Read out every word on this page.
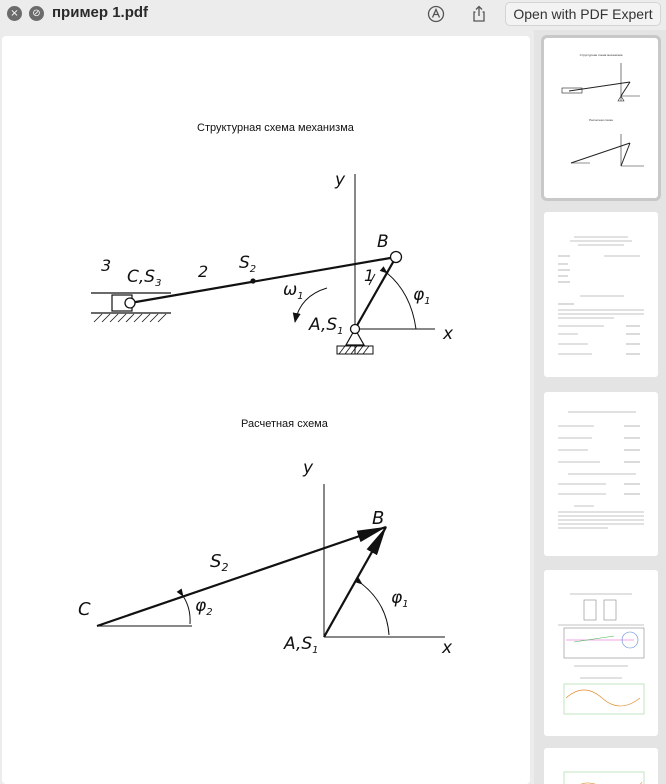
×	⊘ пример 1.pdf	Open with PDF Expert
Структурная схема механизма
y
x
B
1
$\varphi_1$
$\omega_1$
$A,S_1$
$S_2$
2
3
$C,S_3$
Расчетная схема
y
x
B
$S_2$
C	$\varphi_2$
$\varphi_1$
$A,S_1$
Структурная схема механизма
Расчетная схема
